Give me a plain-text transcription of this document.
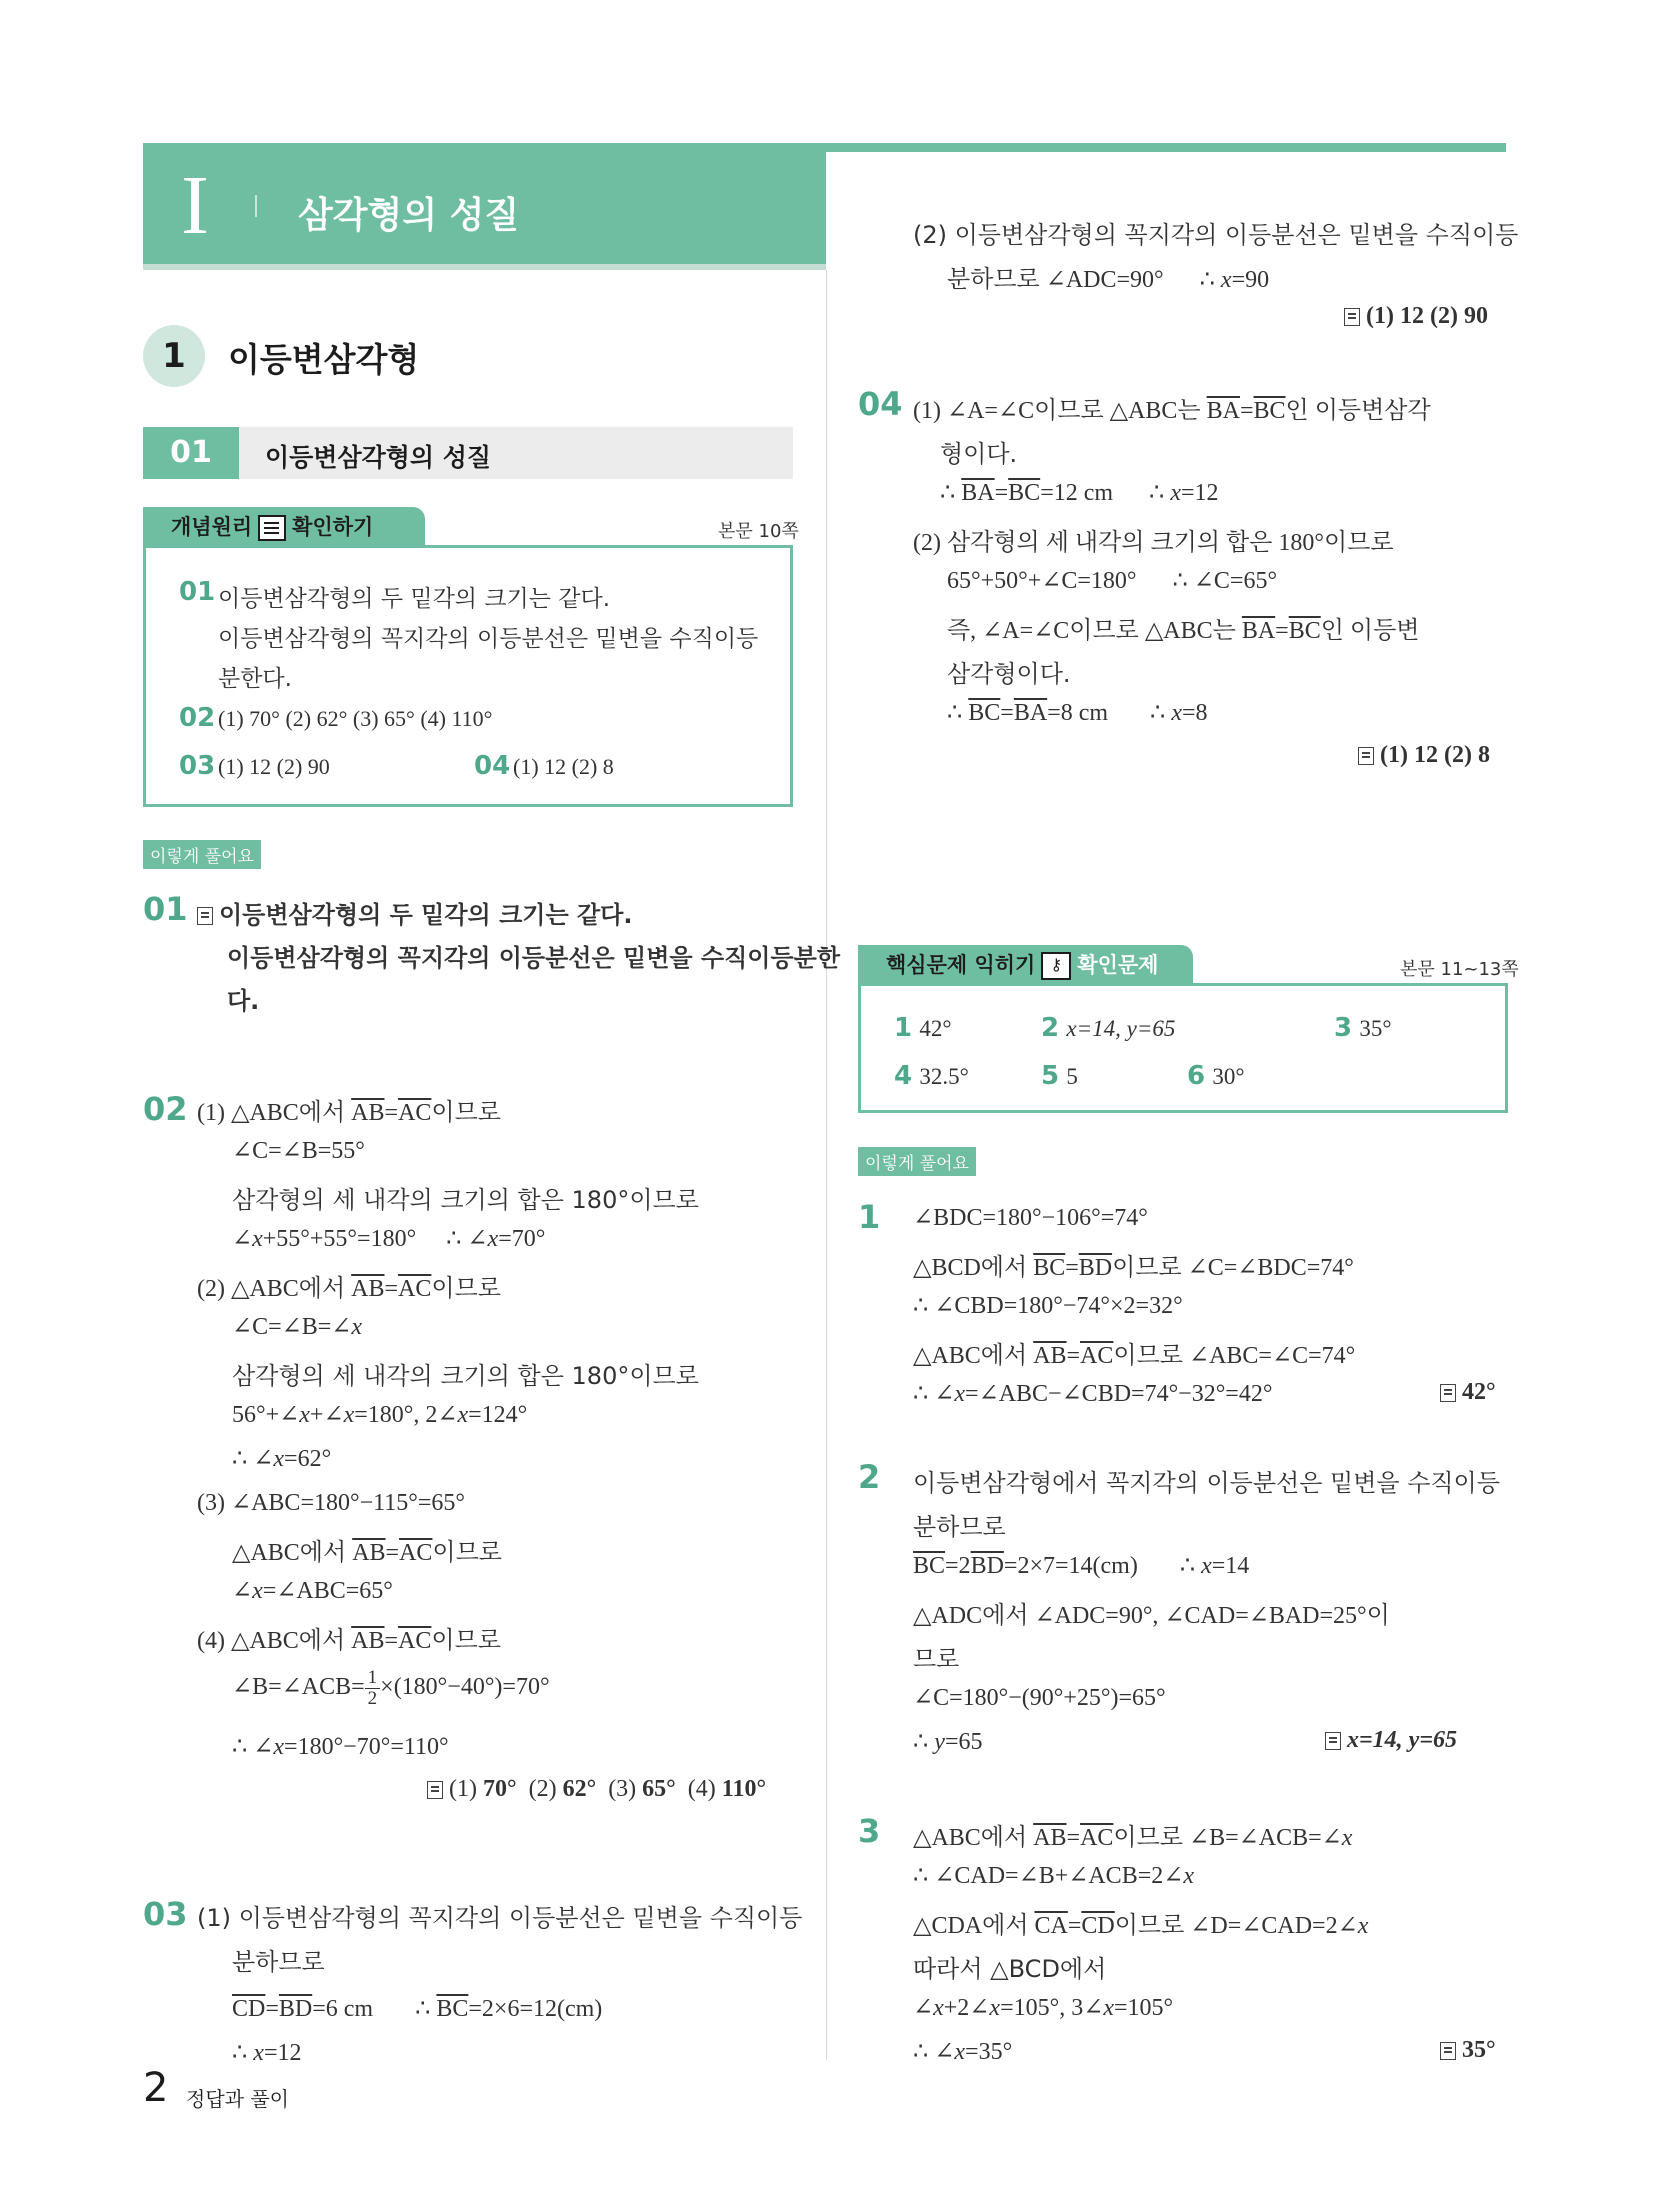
I 삼각형의 성질
1	이등변삼각형
01	이등변삼각형의 성질
개념원리 확인하기	본문 10쪽
01 이등변삼각형의 두 밑각의 크기는 같다.
이등변삼각형의 꼭지각의 이등분선은 밑변을 수직이등
분한다.
02 (1) 70° (2) 62° (3) 65° (4) 110°
03 (1) 12 (2) 90	04 (1) 12 (2) 8
이렇게 풀어요
01	이등변삼각형의 두 밑각의 크기는 같다.
이등변삼각형의 꼭지각의 이등분선은 밑변을 수직이등분한
다.
02 (1) △ABC에서 $\overline{AB}=\overline{AC}$이므로
∠C=∠B=55°
삼각형의 세 내각의 크기의 합은 180°이므로
∠x+55°+55°=180°     ∴ ∠x=70°
(2) △ABC에서 $\overline{AB}=\overline{AC}$이므로
∠C=∠B=∠x
삼각형의 세 내각의 크기의 합은 180°이므로
56°+∠x+∠x=180°, 2∠x=124°
∴ ∠x=62°
(3) ∠ABC=180°−115°=65°
△ABC에서 $\overline{AB}=\overline{AC}$이므로
∠x=∠ABC=65°
(4) △ABC에서 $\overline{AB}=\overline{AC}$이므로
∠B=∠ACB= $\frac{1}{2} \times(180^\circ-40^\circ)=70^\circ$
∴ ∠x=180°−70°=110°
(1) 70°  (2) 62°  (3) 65°  (4) 110°
03 (1) 이등변삼각형의 꼭지각의 이등분선은 밑변을 수직이등
분하므로
$\overline{CD}=\overline{BD}=6$ cm       ∴ $\overline{BC}=2\times 6=12(cm)$
∴ x=12
(2) 이등변삼각형의 꼭지각의 이등분선은 밑변을 수직이등
분하므로 ∠ADC=90°      ∴ x=90
(1) 12 (2) 90
04 (1) ∠A=∠C이므로 △ABC는 $\overline{BA}=\overline{BC}$인 이등변삼각
형이다.
∴ $\overline{BA}=\overline{BC}=12$ cm      ∴ x=12
(2) 삼각형의 세 내각의 크기의 합은 180°이므로
65°+50°+∠C=180°      ∴ ∠C=65°
즉, ∠A=∠C이므로 △ABC는 $\overline{BA}=\overline{BC}$인 이등변
삼각형이다.
∴ $\overline{BC}=\overline{BA}=8$ cm       ∴ x=8
(1) 12 (2) 8
핵심문제 익히기 ⚷ 확인문제	본문 11~13쪽
1 42°	2 x=14, y=65	3 35°
4 32.5°	5 5	6 30°
이렇게 풀어요
1 ∠BDC=180°−106°=74°
△BCD에서 $\overline{BC}=\overline{BD}$이므로 ∠C=∠BDC=74°
∴ ∠CBD=180°−74°×2=32°
△ABC에서 $\overline{AB}=\overline{AC}$이므로 ∠ABC=∠C=74°
∴ ∠x=∠ABC−∠CBD=74°−32°=42°	42°
2 이등변삼각형에서 꼭지각의 이등분선은 밑변을 수직이등
분하므로
$\overline{BC}=2\overline{BD}=2\times 7=14(cm)$       ∴ x=14
△ADC에서 ∠ADC=90°, ∠CAD=∠BAD=25°이
므로
∠C=180°−(90°+25°)=65°
∴ y=65	x=14, y=65
3 △ABC에서 $\overline{AB}=\overline{AC}$이므로 ∠B=∠ACB=∠x
∴ ∠CAD=∠B+∠ACB=2∠x
△CDA에서 $\overline{CA}=\overline{CD}$이므로 ∠D=∠CAD=2∠x
따라서 △BCD에서
∠x+2∠x=105°, 3∠x=105°
∴ ∠x=35°	35°
2 정답과 풀이
